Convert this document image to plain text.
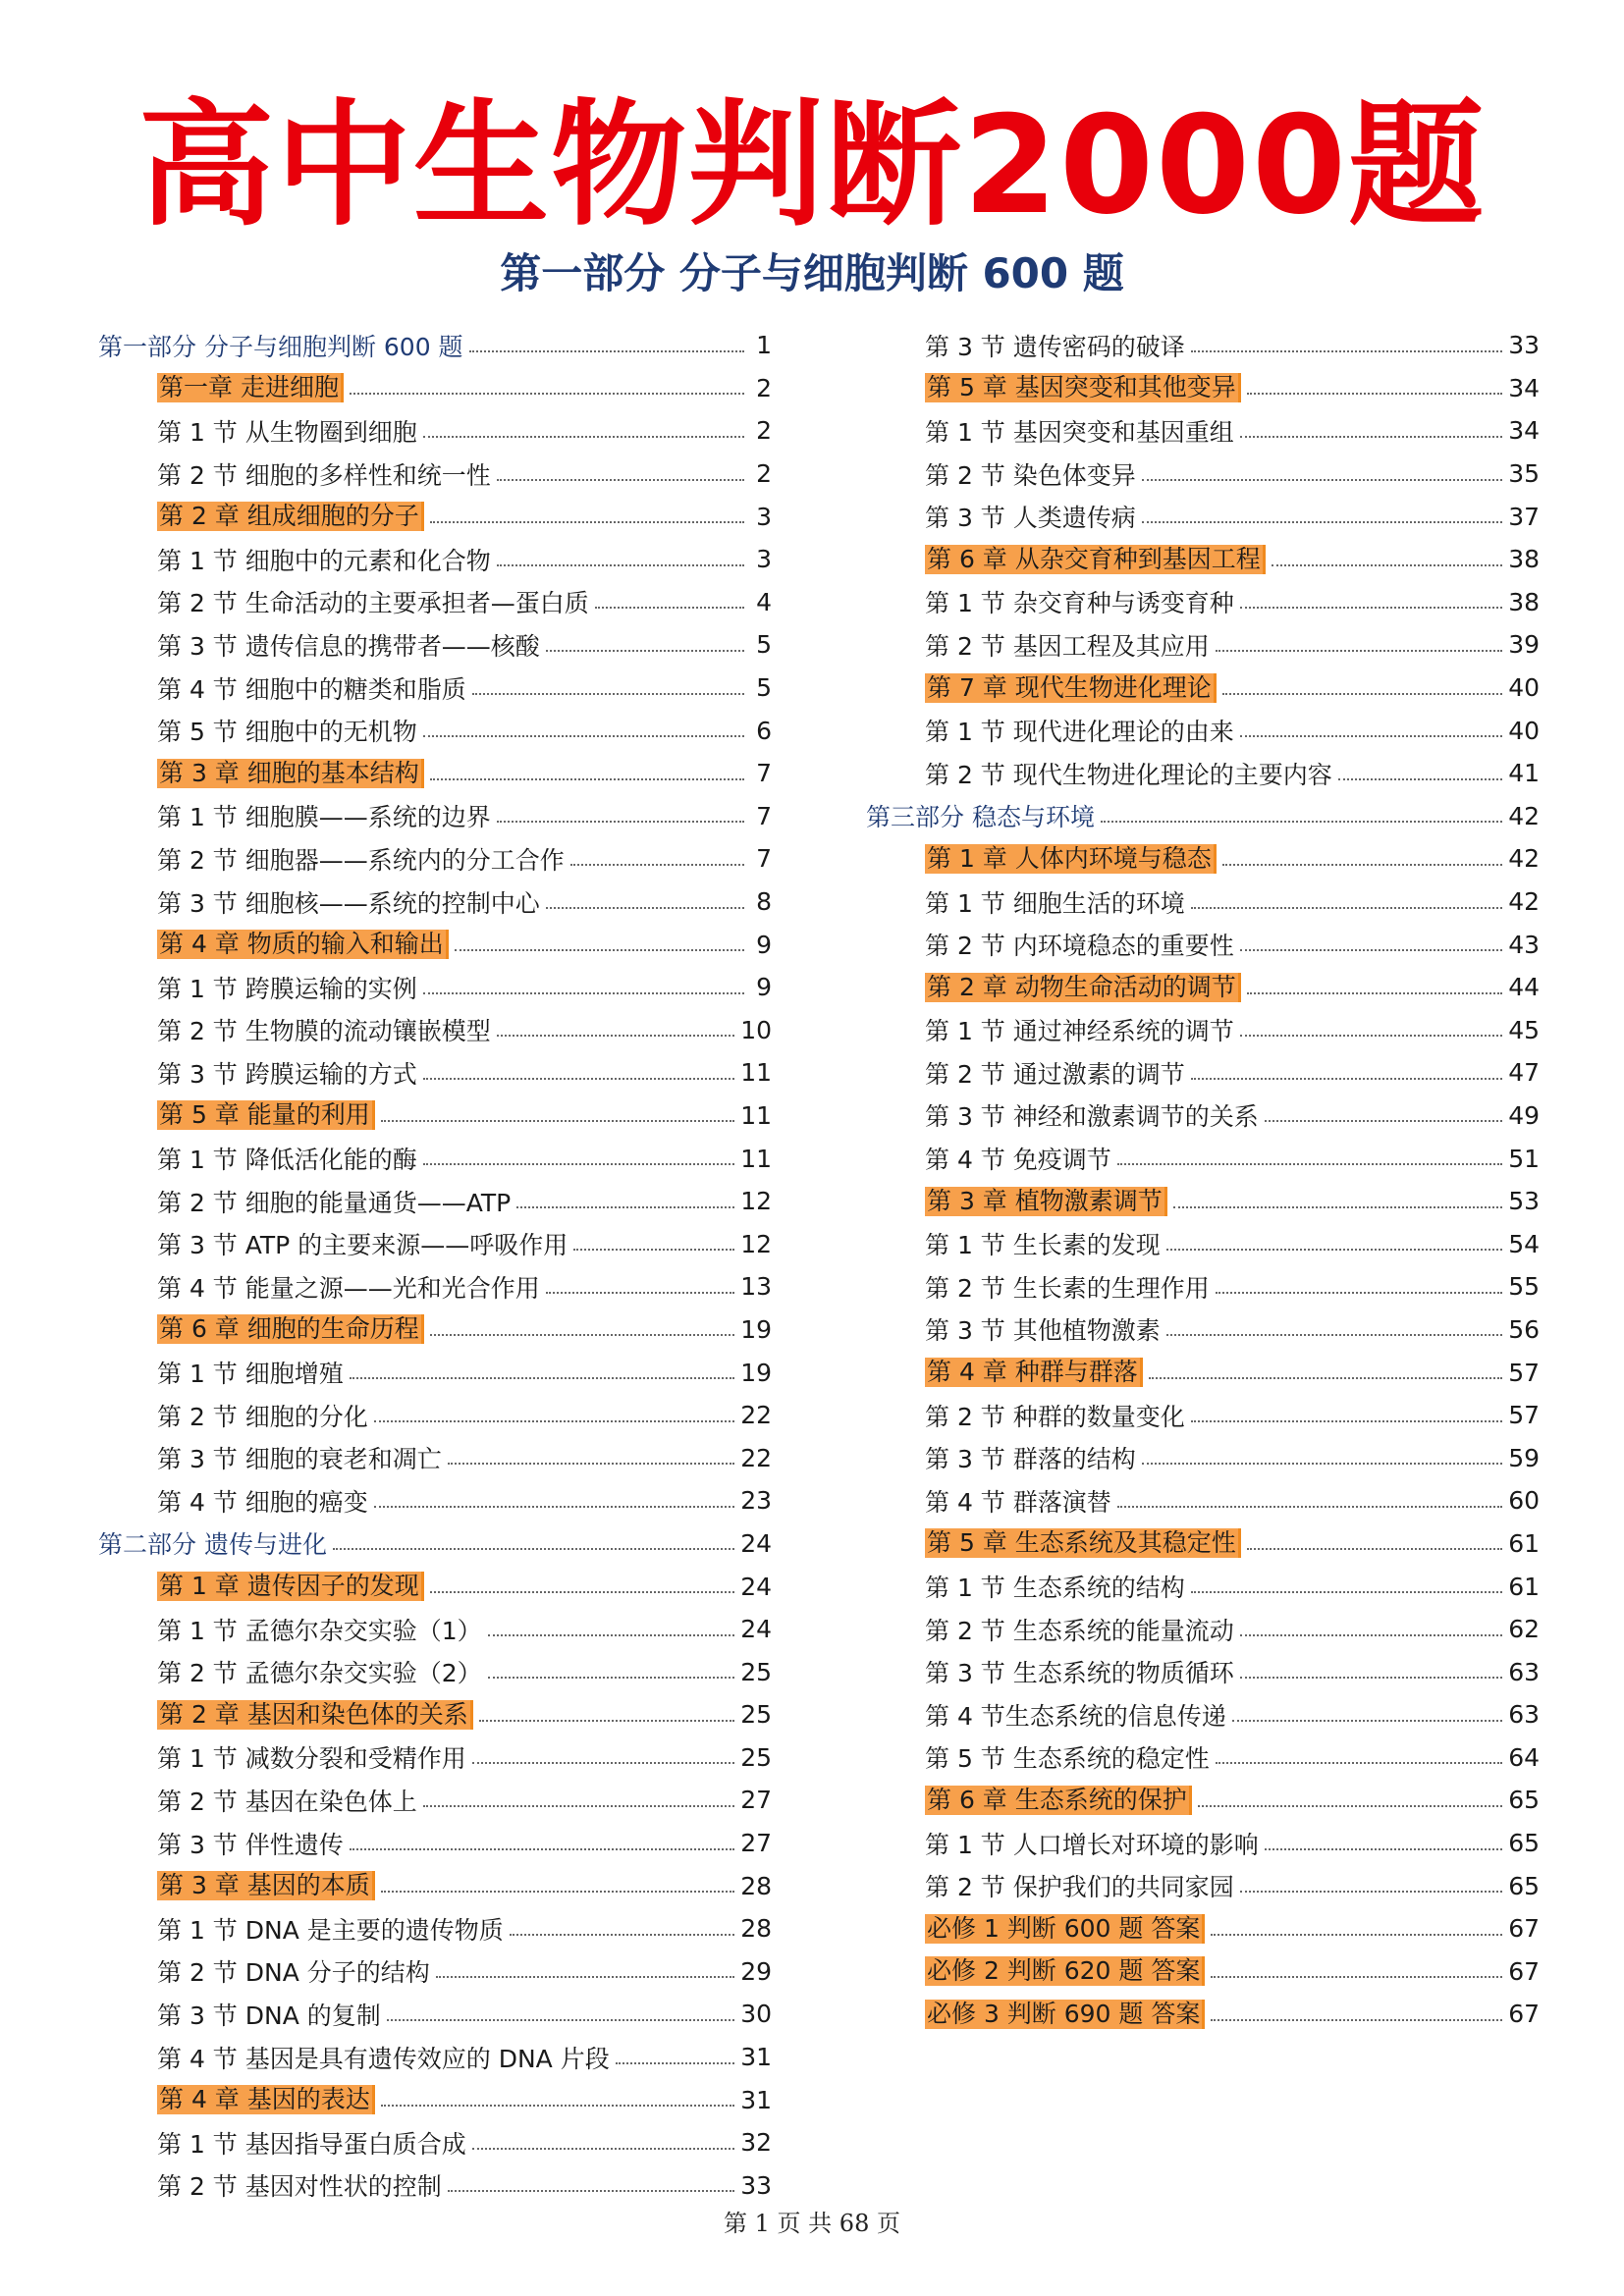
高中生物判断2000题
第一部分 分子与细胞判断 600 题
第一部分 分子与细胞判断 600 题	1
第一章 走进细胞	2
第 1 节 从生物圈到细胞	2
第 2 节 细胞的多样性和统一性	2
第 2 章 组成细胞的分子	3
第 1 节 细胞中的元素和化合物	3
第 2 节 生命活动的主要承担者—蛋白质	4
第 3 节 遗传信息的携带者——核酸	5
第 4 节 细胞中的糖类和脂质	5
第 5 节 细胞中的无机物	6
第 3 章 细胞的基本结构	7
第 1 节 细胞膜——系统的边界	7
第 2 节 细胞器——系统内的分工合作	7
第 3 节 细胞核——系统的控制中心	8
第 4 章 物质的输入和输出	9
第 1 节 跨膜运输的实例	9
第 2 节 生物膜的流动镶嵌模型	10
第 3 节 跨膜运输的方式	11
第 5 章 能量的利用	11
第 1 节 降低活化能的酶	11
第 2 节 细胞的能量通货——ATP	12
第 3 节 ATP 的主要来源——呼吸作用	12
第 4 节 能量之源——光和光合作用	13
第 6 章 细胞的生命历程	19
第 1 节 细胞增殖	19
第 2 节 细胞的分化	22
第 3 节 细胞的衰老和凋亡	22
第 4 节 细胞的癌变	23
第二部分 遗传与进化	24
第 1 章 遗传因子的发现	24
第 1 节 孟德尔杂交实验（1）	24
第 2 节 孟德尔杂交实验（2）	25
第 2 章 基因和染色体的关系	25
第 1 节 减数分裂和受精作用	25
第 2 节 基因在染色体上	27
第 3 节 伴性遗传	27
第 3 章 基因的本质	28
第 1 节 DNA 是主要的遗传物质	28
第 2 节 DNA 分子的结构	29
第 3 节 DNA 的复制	30
第 4 节 基因是具有遗传效应的 DNA 片段	31
第 4 章 基因的表达	31
第 1 节 基因指导蛋白质合成	32
第 2 节 基因对性状的控制	33
第 3 节 遗传密码的破译	33
第 5 章 基因突变和其他变异	34
第 1 节 基因突变和基因重组	34
第 2 节 染色体变异	35
第 3 节 人类遗传病	37
第 6 章 从杂交育种到基因工程	38
第 1 节 杂交育种与诱变育种	38
第 2 节 基因工程及其应用	39
第 7 章 现代生物进化理论	40
第 1 节 现代进化理论的由来	40
第 2 节 现代生物进化理论的主要内容	41
第三部分 稳态与环境	42
第 1 章 人体内环境与稳态	42
第 1 节 细胞生活的环境	42
第 2 节 内环境稳态的重要性	43
第 2 章 动物生命活动的调节	44
第 1 节 通过神经系统的调节	45
第 2 节 通过激素的调节	47
第 3 节 神经和激素调节的关系	49
第 4 节 免疫调节	51
第 3 章 植物激素调节	53
第 1 节 生长素的发现	54
第 2 节 生长素的生理作用	55
第 3 节 其他植物激素	56
第 4 章 种群与群落	57
第 2 节 种群的数量变化	57
第 3 节 群落的结构	59
第 4 节 群落演替	60
第 5 章 生态系统及其稳定性	61
第 1 节 生态系统的结构	61
第 2 节 生态系统的能量流动	62
第 3 节 生态系统的物质循环	63
第 4 节生态系统的信息传递	63
第 5 节 生态系统的稳定性	64
第 6 章 生态系统的保护	65
第 1 节 人口增长对环境的影响	65
第 2 节 保护我们的共同家园	65
必修 1 判断 600 题 答案	67
必修 2 判断 620 题 答案	67
必修 3 判断 690 题 答案	67
第 1 页 共 68 页
